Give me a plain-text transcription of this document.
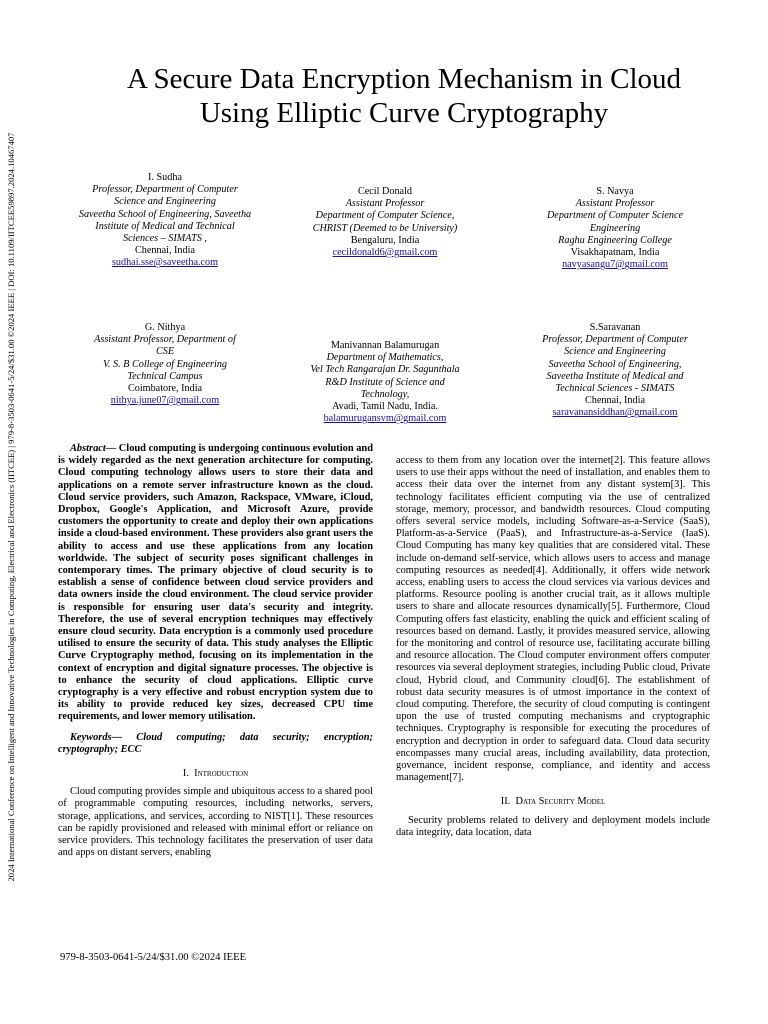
2024 International Conference on Intelligent and Innovative Technologies in Computing, Electrical and Electronics (IITCEE) | 979-8-3503-0641-5/24/$31.00 ©2024 IEEE | DOI: 10.1109/IITCEE59897.2024.10467407
A Secure Data Encryption Mechanism in Cloud
Using Elliptic Curve Cryptography
I. Sudha
Professor, Department of Computer
Science and Engineering
Saveetha School of Engineering, Saveetha
Institute of Medical and Technical
Sciences – SIMATS ,
Chennai, India
sudhai.sse@saveetha.com
Cecil Donald
Assistant Professor
Department of Computer Science,
CHRIST (Deemed to be University)
Bengaluru, India
cecildonald6@gmail.com
S. Navya
Assistant Professor
Department of Computer Science
Engineering
Raghu Engineering College
Visakhapatnam, India
navyasangu7@gmail.com
G. Nithya
Assistant Professor, Department of
CSE
V. S. B College of Engineering
Technical Campus
Coimbatore, India
nithya.june07@gmail.com
Manivannan Balamurugan
Department of Mathematics,
Vel Tech Rangarajan Dr. Sagunthala
R&D Institute of Science and
Technology,
Avadi, Tamil Nadu, India.
balamurugansvm@gmail.com
S.Saravanan
Professor, Department of Computer
Science and Engineering
Saveetha School of Engineering,
Saveetha Institute of Medical and
Technical Sciences - SIMATS
Chennai, India
saravanansiddhan@gmail.com

Abstract— Cloud computing is undergoing continuous evolution and is widely regarded as the next generation architecture for computing. Cloud computing technology allows users to store their data and applications on a remote server infrastructure known as the cloud. Cloud service providers, such Amazon, Rackspace, VMware, iCloud, Dropbox, Google's Application, and Microsoft Azure, provide customers the opportunity to create and deploy their own applications inside a cloud-based environment. These providers also grant users the ability to access and use these applications from any location worldwide. The subject of security poses significant challenges in contemporary times. The primary objective of cloud security is to establish a sense of confidence between cloud service providers and data owners inside the cloud environment. The cloud service provider is responsible for ensuring user data's security and integrity. Therefore, the use of several encryption techniques may effectively ensure cloud security. Data encryption is a commonly used procedure utilised to ensure the security of data. This study analyses the Elliptic Curve Cryptography method, focusing on its implementation in the context of encryption and digital signature processes. The objective is to enhance the security of cloud applications. Elliptic curve cryptography is a very effective and robust encryption system due to its ability to provide reduced key sizes, decreased CPU time requirements, and lower memory utilisation.

Keywords— Cloud computing; data security; encryption; cryptography; ECC

I. Introduction

Cloud computing provides simple and ubiquitous access to a shared pool of programmable computing resources, including networks, servers, storage, applications, and services, according to NIST[1]. These resources can be rapidly provisioned and released with minimal effort or reliance on service providers. This technology facilitates the preservation of user data and apps on distant servers, enabling

access to them from any location over the internet[2]. This feature allows users to use their apps without the need of installation, and enables them to access their data over the internet from any distant system[3]. This technology facilitates efficient computing via the use of centralized storage, memory, processor, and bandwidth resources. Cloud computing offers several service models, including Software-as-a-Service (SaaS), Platform-as-a-Service (PaaS), and Infrastructure-as-a-Service (IaaS). Cloud Computing has many key qualities that are considered vital. These include on-demand self-service, which allows users to access and manage computing resources as needed[4]. Additionally, it offers wide network access, enabling users to access the cloud services via various devices and platforms. Resource pooling is another crucial trait, as it allows multiple users to share and allocate resources dynamically[5]. Furthermore, Cloud Computing offers fast elasticity, enabling the quick and efficient scaling of resources based on demand. Lastly, it provides measured service, allowing for the monitoring and control of resource use, facilitating accurate billing and resource allocation. The Cloud computer environment offers computer resources via several deployment strategies, including Public cloud, Private cloud, Hybrid cloud, and Community cloud[6]. The establishment of robust data security measures is of utmost importance in the context of cloud computing. Therefore, the security of cloud computing is contingent upon the use of trusted computing mechanisms and cryptographic techniques. Cryptography is responsible for executing the procedures of encryption and decryption in order to safeguard data. Cloud data security encompasses many crucial areas, including availability, data protection, governance, incident response, compliance, and identity and access management[7].

II. Data Security Model

Security problems related to delivery and deployment models include data integrity, data location, data

979-8-3503-0641-5/24/$31.00 ©2024 IEEE
